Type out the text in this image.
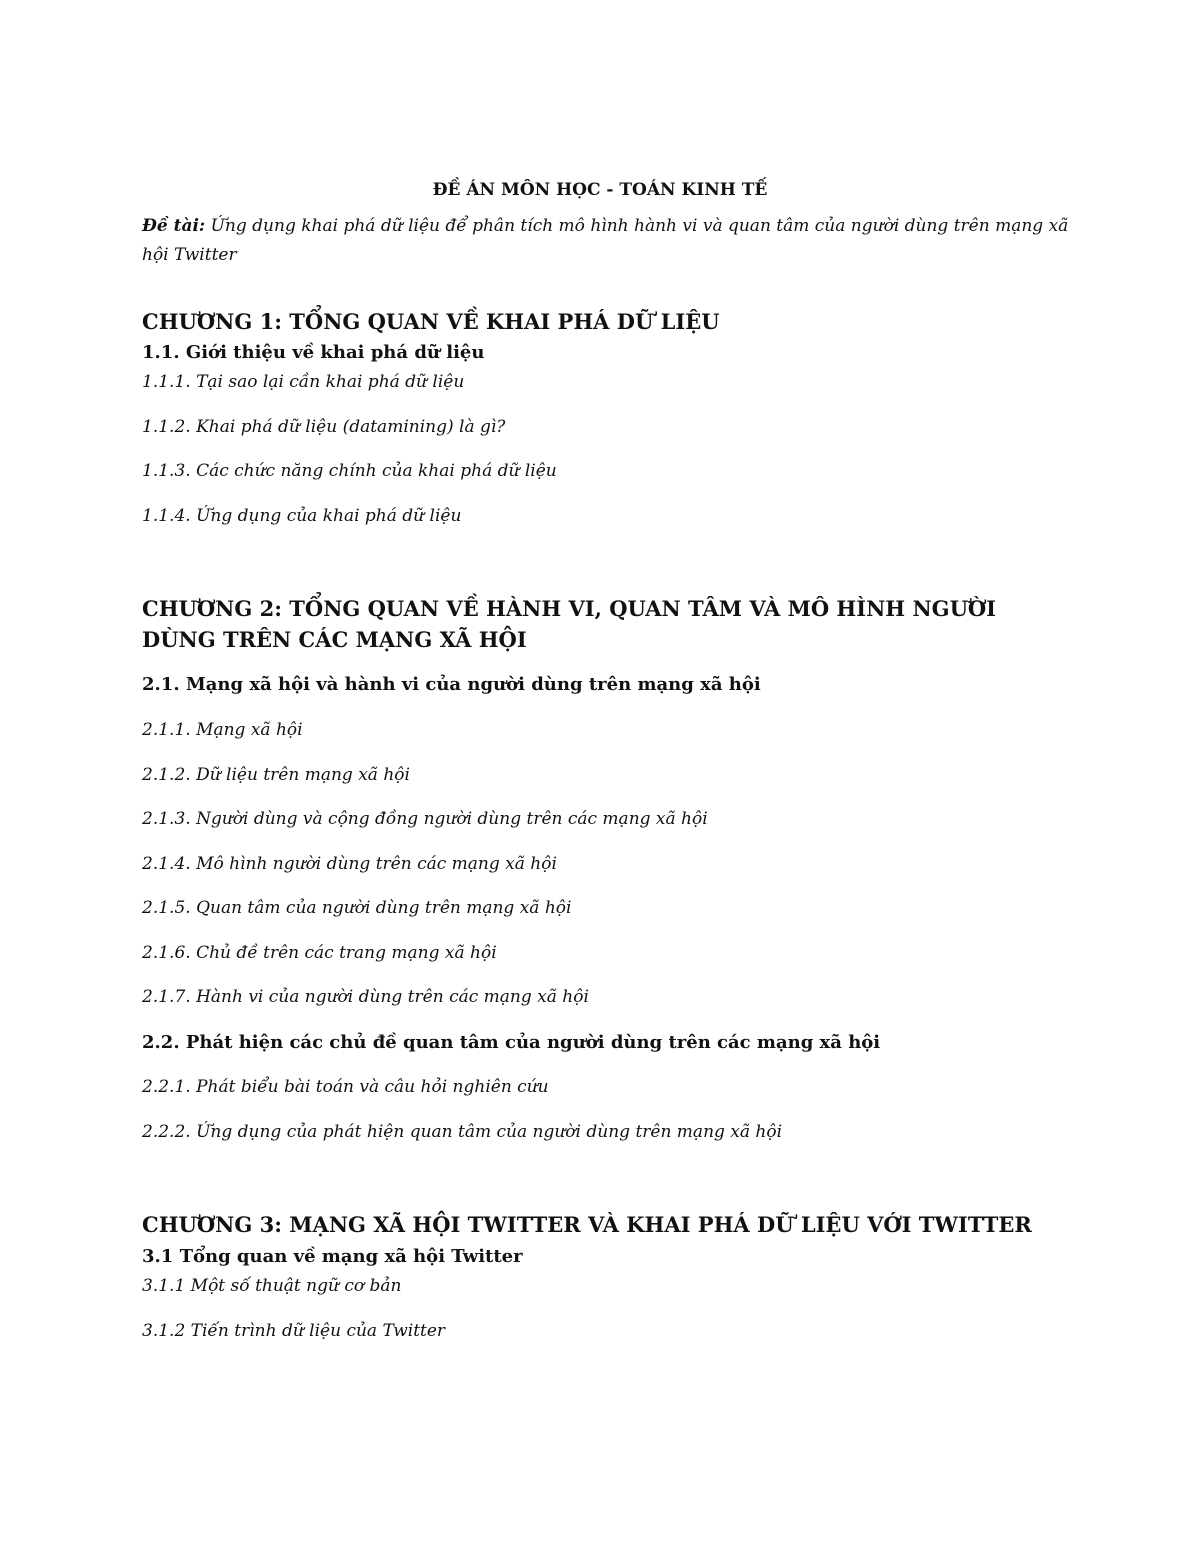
ĐỀ ÁN MÔN HỌC - TOÁN KINH TẾ

Đề tài: Ứng dụng khai phá dữ liệu để phân tích mô hình hành vi và quan tâm của người dùng trên mạng xã hội Twitter

CHƯƠNG 1: TỔNG QUAN VỀ KHAI PHÁ DỮ LIỆU

1.1. Giới thiệu về khai phá dữ liệu

1.1.1. Tại sao lại cần khai phá dữ liệu

1.1.2. Khai phá dữ liệu (datamining) là gì?

1.1.3. Các chức năng chính của khai phá dữ liệu

1.1.4. Ứng dụng của khai phá dữ liệu

CHƯƠNG 2: TỔNG QUAN VỀ HÀNH VI, QUAN TÂM VÀ MÔ HÌNH NGƯỜI DÙNG TRÊN CÁC MẠNG XÃ HỘI

2.1. Mạng xã hội và hành vi của người dùng trên mạng xã hội

2.1.1. Mạng xã hội

2.1.2. Dữ liệu trên mạng xã hội

2.1.3. Người dùng và cộng đồng người dùng trên các mạng xã hội

2.1.4. Mô hình người dùng trên các mạng xã hội

2.1.5. Quan tâm của người dùng trên mạng xã hội

2.1.6. Chủ đề trên các trang mạng xã hội

2.1.7. Hành vi của người dùng trên các mạng xã hội

2.2. Phát hiện các chủ đề quan tâm của người dùng trên các mạng xã hội

2.2.1. Phát biểu bài toán và câu hỏi nghiên cứu

2.2.2. Ứng dụng của phát hiện quan tâm của người dùng trên mạng xã hội

CHƯƠNG 3: MẠNG XÃ HỘI TWITTER VÀ KHAI PHÁ DỮ LIỆU VỚI TWITTER

3.1 Tổng quan về mạng xã hội Twitter

3.1.1 Một số thuật ngữ cơ bản

3.1.2 Tiến trình dữ liệu của Twitter
